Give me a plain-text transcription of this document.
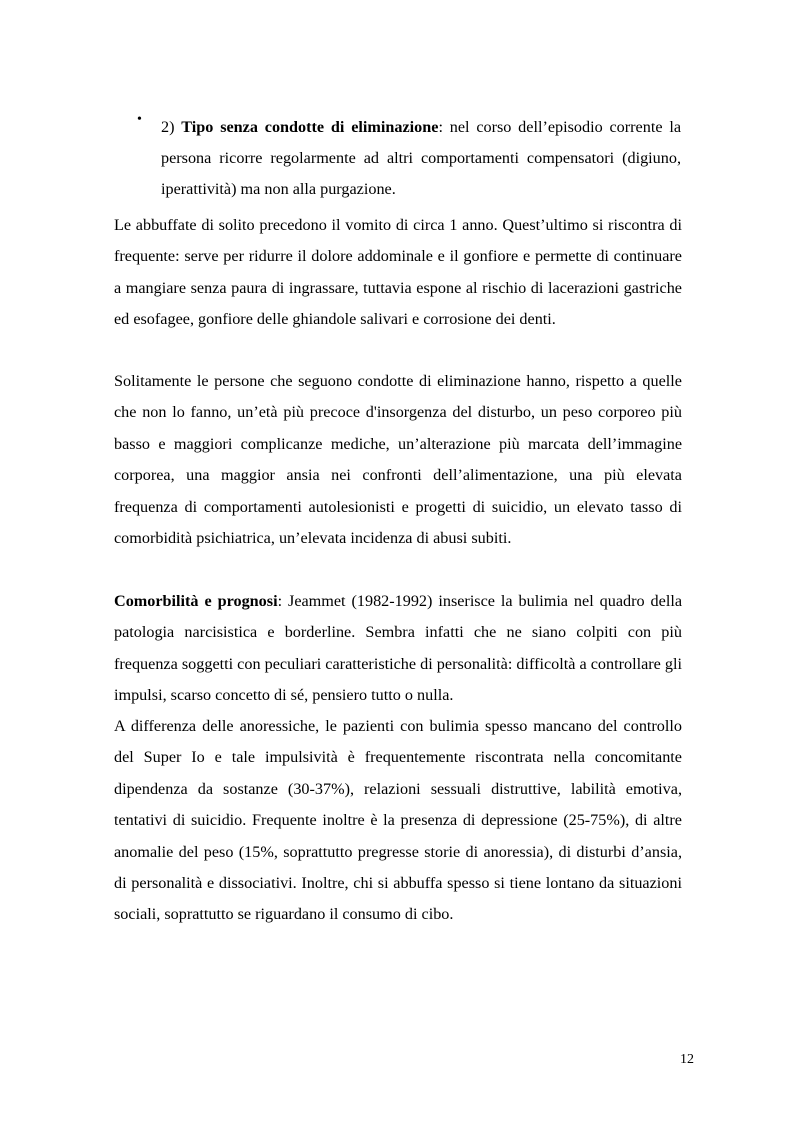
• 2) Tipo senza condotte di eliminazione: nel corso dell’episodio corrente la persona ricorre regolarmente ad altri comportamenti compensatori (digiuno, iperattività) ma non alla purgazione.

Le abbuffate di solito precedono il vomito di circa 1 anno. Quest’ultimo si riscontra di frequente: serve per ridurre il dolore addominale e il gonfiore e permette di continuare a mangiare senza paura di ingrassare, tuttavia espone al rischio di lacerazioni gastriche ed esofagee, gonfiore delle ghiandole salivari e corrosione dei denti.

Solitamente le persone che seguono condotte di eliminazione hanno, rispetto a quelle che non lo fanno, un’età più precoce d'insorgenza del disturbo, un peso corporeo più basso e maggiori complicanze mediche, un’alterazione più marcata dell’immagine corporea, una maggior ansia nei confronti dell’alimentazione, una più elevata frequenza di comportamenti autolesionisti e progetti di suicidio, un elevato tasso di comorbidità psichiatrica, un’elevata incidenza di abusi subiti.

Comorbilità e prognosi: Jeammet (1982-1992) inserisce la bulimia nel quadro della patologia narcisistica e borderline. Sembra infatti che ne siano colpiti con più frequenza soggetti con peculiari caratteristiche di personalità: difficoltà a controllare gli impulsi, scarso concetto di sé, pensiero tutto o nulla.

A differenza delle anoressiche, le pazienti con bulimia spesso mancano del controllo del Super Io e tale impulsività è frequentemente riscontrata nella concomitante dipendenza da sostanze (30-37%), relazioni sessuali distruttive, labilità emotiva, tentativi di suicidio. Frequente inoltre è la presenza di depressione (25-75%), di altre anomalie del peso (15%, soprattutto pregresse storie di anoressia), di disturbi d’ansia, di personalità e dissociativi. Inoltre, chi si abbuffa spesso si tiene lontano da situazioni sociali, soprattutto se riguardano il consumo di cibo.

12
